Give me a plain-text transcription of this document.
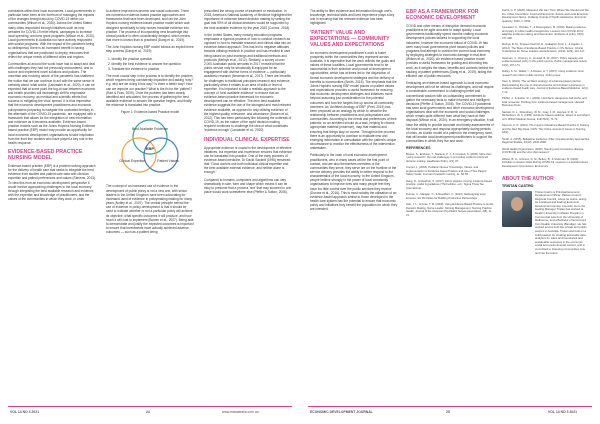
constraints within their local economies. Local governments in particular have been at the forefront of managing the impacts of the changes brought about by COVID-19 within our communities (Wilson et al., 2020). Across the United States many cities responded through initiatives such as new websites for COVID-19 relief efforts, campaigns to increase local spending, and new grant programs (Wilson et al., 2020). Local governments in Australia too have actively responded with similar programs. With the impact of the pandemic being so widespread, there is an increased benefit in having organisations that are positioned to deploy resources that reflect the unique needs of different cities and regions.

Communities all around the world have had to adapt and deal with challenges they had not previously encountered, and to source and implement novel solutions and policies. The uncertain and evolving nature of the pandemic has shattered the notion that we can continue to act with the same sense of certainty about 'what works' (Lancaster et al., 2020). It can be expected that at some point the tug-of-war between economic and health priorities will increasingly shift to emphasise economic recovery, as medical and scientific efforts find success in mitigating the virus' spread. It is thus imperative that the economic development practitioners and economic policymakers preparing to navigate this uncharted territory in the aftermath of the COVID-19 pandemic, are equipped with a framework that allows for the integration of new information and evidence as it becomes available. Evidence-based practice models such as the Johns Hopkins Nursing Evidence based practice (EBP) model may provide an opportunity for local economic development organisations to take inspiration from the front line workers who have played a key role in the health response.

EVIDENCE-BASED PRACTICE NURSING MODEL

Evidence-based practice (EBP) is a problem solving approach for the delivery of health care that seeks to integrate the best evidence from studies and patient care data with clinician expertise and patient preferences and values (Stevens, 2013). To view this from an economic development perspective it would involve approaching challenges in the local economy through integrating the best available research and evidence, with the expertise and knowledge of practitioners, and the values of the communities in which they work, in order

to achieve improved economic and social outcomes. There are numerous evidence-based practice approaches and frameworks that have been developed, such as the John Hopkins nursing evidence-based practice model which was designed specifically to help nurses translate evidence into practice. The process of incorporating new knowledge into clinical practice is often considerably delayed, which means that more is known than is practiced (Dang et al., 2019).

The John Hopkins nursing EBP model follows an explicit three step process (Dang et al., 2019):

1. Identify the practice question.

2. Identify the best evidence to answer the question.

3. Translate the evidence to practice.

The most crucial step in the process is to identify the problem, which requires being consistently inquisitive and asking 'why?' e.g. why are we doing it this way? Is there a better way? How can we improve our practice? What is the fix for the 'patient'? (Hart & Foss, 2009). Once the problem has been clearly identified and articulated, the process of gathering the best available evidence to answer the question begins, and finally the evidence is translated into practice.

Figure 1: Evidence-based Practice model
Best Available Evidence
Clinical Expertise	Patient Values
EBP

The concept of an increased use of evidence in the development of public policy is not a new one, with senior leaders in the United Kingdom have been advocating for increased used of evidence in policymaking making for many years (Nutley et al., 2007). The central principle behind the use of evidence in policy development is that it should be used to indicate whether or not a particular policy will achieve its objective, what specific outcomes it will produce, and how much it will cost to implement (Bowen et al., 2007). Being able to demonstrate and justify the expected outcomes is important to ensure that investments have actually achieved adverse outcomes — such as a patient being

prescribed the wrong course of treatment or medication. In 2018, America's National Academy of Medicine highlighted the importance of evidence based decision making by setting the goal that 90% of all clinical decisions would be supported by the best available evidence by the year 2020 (Connor, 2018).

In the United States, many nursing education programs emphasise a rigorous process of how to conduct research as opposed to how to translate research and clinical data into an evidence-based approach. This has led to negative attitudes towards utilising research in practice and has resulted in care being based on past learnings and traditional methods and protocols (Melnyk et al., 2012). Similarly, a survey of over 2,000 Australian public servants in 2017 revealed that the public service may be structurally ill-equipped for an engagement with diverse forms of evidence — particularly academic research (Newman et al., 2017). There are benefits for challenges to traditional principles research and evidence, particularly when it relates to an area of skills or level of expertise. It is important to take a realistic approach to the concept of 'best available evidence' to ensure that an evidence-based practice framework for economic development can be effective. The term best available evidence suggests the use of the strongest and most relevant evidence available, as opposed to only utilising evidence of the highest quality, relevance, and abundance (Bowen et al., 2012). This has been particularly like following the outbreak of COVID-19, as the nature of the rapid decision making required continues to challenge the idea of what constitutes 'evidence-enough' (Lancaster et al., 2020).

INDIVIDUAL CLINICAL EXPERTISE

Appropriate evidence is crucial in the development of effective initiatives, but expertise and experience ensures that evidence can be translated into practice. One of the early pioneers of evidence-based medicine, Dr David Sackett (1996) remarked that "Good doctors use both individual clinical expertise and the best available external evidence, and neither alone is enough."

Compared to humans, computers and algorithms can vary dramatically in size, form and shape which means it can be risky to presume that a process 'one' that may succeed in one place would work somewhere else (Pfeffer & Sutton, 2006).

VOL 14 NO 3 2021	24	www.edaustralia.com.au

The ability to filter evidence and information through one's knowledge, technical skills and lived experience plays a key role in ensuring that the relevant evidence has been highlighted.

'PATIENT' VALUE AND EXPECTATIONS — COMMUNITY VALUES AND EXPECTATIONS

An economic development practitioner's work is foster prosperity within the communities they represent across Australia. It is imperative that the work reflects the goals and values of these localities. Local governments tend to be instrumental in their selection and pursuit of development opportunities, which has at times led to the disjunction of formal economic development strategies and the delivery of benefits to communities (Smith, 2015). The emphasis that the Johns Hopkins nursing EBP model places on patient values and expectations provides a useful framework for ensuring that economic development strategies and initiatives move beyond assuming just consideration for the potential outcomes and how the targets line up across all community members. As 'Architect Analogy of EBP' (Peel, 2019) has been proposed as an analogy by which to describe the relationship between practitioners and policymakers and communities. According to the needs and preferences of their patients, so an architect should do a task, helping to choose appropriate material (evidence), map that material and ensuring that things stay on course. Throughout the process there is an opportunity to continue to evaluate new and emerging information in consultation with the patient's unique circumstance to monitor the effectiveness of the intervention undertaken.

Particularly in the case of local economic development practitioners, who in many cases will be the first point of contact, and are also themselves members of the communities they serve, they serve are on the frontline of the service delivery provides the ability to better respond to the characteristics of the local economy. In the United Kingdom, people believe strongly in the power of local community organisations to improve lives and many people feel they have too little control over the public services they receive (Durose et al., 2016). This is most notably the utilisation of an evidence-based approach similar to those developed in the health care system has the potential to ensure that economic policy and initiatives truly benefit the population for which they are intended.

EBP AS A FRAMEWORK FOR ECONOMIC DEVELOPMENT

COVID and other means of disruption demand economic practitioners be agile and able to adapt quickly. Local governments traditionally spend months crafting economic development policies tailored to supporting the local industries, however the economic fallout of COVID-19 has seen many local governments pivot toward policies and programs that attempt to cushion the current local economy by deploying strategies to economic damage in real-time (Wilson et al., 2020). An evidence-based practice model provides a useful framework for guiding and informing this work, as it weights the ideas, benefits and contexts behind the backing of patient preferences (Dang et al., 2019), aiding the efficient use of public resources.

Embracing an evidence-based approach to local economic development will not be without its challenges, and will require a considerable commitment to challenging belief and conventional wisdom with an outstanding commitment to gather the necessary facts to make informed and intelligent decisions (Pfeffer & Sutton, 2006). The COVID-19 pandemic has seen local governments and other economic development organisations deal with the economic and social challenges which remain quite different from what they have at their disposal (Wilson et al., 2020). In an emergency situation, it will have the ability to provide accurate and timely assessments of the local economy and respond appropriately during periods of crisis, as a tailor model of a patient in the emergency room, that will enable local development practitioners to support the communities in which they live and work.

REFERENCES

Bowen, S., Erickson, T., Martens, P. J., & Crockett, S. (2009). More than "using research": the real challenges in promoting evidence-informed decision-making. Healthcare Policy, 4(3), 87.

Connor, L. (2018). Pediatric Nurses' Knowledge, Values, and Implementation of Evidence-based Practice and Use of Two Patient Safety Goals. Journal of pediatric nursing, 41, 50-55.

Dang, D., & Dearholt, S. (2017). Johns Hopkins nursing evidence-based practice: model & guidelines (Third edition. ed.). Sigma Theta Tau International.

Durose, C., Mangan, C., & Needham, C. (2013). Redesigning local services: Six Principles for Building Productive Partnerships.

Hart, J. L., & Foss, T. M. (2009). Using Evidence-Based Practice to Guide Decision Making. Nurse Leader, Nursing Management, Nursing Practice Health, Journal of the American Psychiatric Nurses Association, 4(8), 11-21.

Harris, G. P. (2020). Measures We Can Trust: Where We Should and We Do. Urban Councillors: Covid and Economic Justice and Local Economic Development Nexus. (Indiana) Journal of Pacific Assistance, Economic quarterly, 2020, 2, 0193.

Lancaster, K., Rhodes, T., & Rosengarten, M. (2020). Making evidence and policy in public health emergencies: Lessons from COVID-19 for adaptive evidence-making and intervention. Evidence & policy, 16(3), 477-490.

Melnyk, B. M., Fineout-Overholt, E., Gallagher-Ford, L., & Kaplan, L. (2012). The State of Evidence-Based Practice in US Nurses: Critical Implications for Nurse Leaders and Educators. JONA, 42(9), 410-417.

Newman, J., Cherney, A., & Head, B. W. (2017). Policy capacity and evidence-based policy in the public service. Public management review, 19(2), 157-174.

Nutley, S. M., Walter, I., & Davies, H. T. (2007). Using evidence: How research can inform public services. Policy press.

Peel, A. (2019). The 'architect analogy' of evidence-based practice: Reconsidering the role of clinical expertise and clinician experience in evidence-based health care. Journal of Evidence-Based Medicine, 12(1), 7-13.

Pfeffer, J., & Sutton, R. I. (2006). Hard facts, dangerous half-truths, and total nonsense: Profiting from evidence-based management. Harvard Business Press.

Sackett, D. L., Rosenberg, W. M., Gray, J. M., Haynes, R. B., & Richardson, W. S. (1996). Evidence based medicine: what it is and what it isn't. British Medical Journal, 312(7023), 71-72.

Stevens, K. R. (2013). The Impact of Evidence-Based Practice in Nursing and the Next Big Ideas. OJIN: The Online Journal of Issues in Nursing, 18(2).

Smith, A. (2015). Bellwether Evidence: Filter Complementary Approaches. Regional Studies, 49(12), 2034-2048.

World Health Organization. (2020). Naming and coronavirus disease (COVID-19) and the virus that causes it.

Wilson, B. H., Johnson, D. M., Bolton, B., & Stutzman, B. (2020). Activities to Assess Cities During COVID-19. Lessons in Local Economic Development Commission, Economics.

ABOUT THE AUTHOR
TRISTAN CASTRO
Tristan Castro is Principal Economic Development Officer, Parkes Council, Regional Council, where he works, acting as sustained and leading Economic Development service Councils. He is the leading Manager Tristan has worked at Deakin University in Master Program in Commercial Law from the University of Melbourne, and a Bachelor of Economics from Deakin University (Bendigo). He has worked across both the private and public sectors in Australia. Tristan and built on a solid passion for creating actionable data analytics for sales and boundaries and sustainable outcomes in the economic, social and environmental context, and is committed to fostering communities now and into the future.
ECONOMIC DEVELOPMENT JOURNAL	25	VOL 14 NO 3 2021
